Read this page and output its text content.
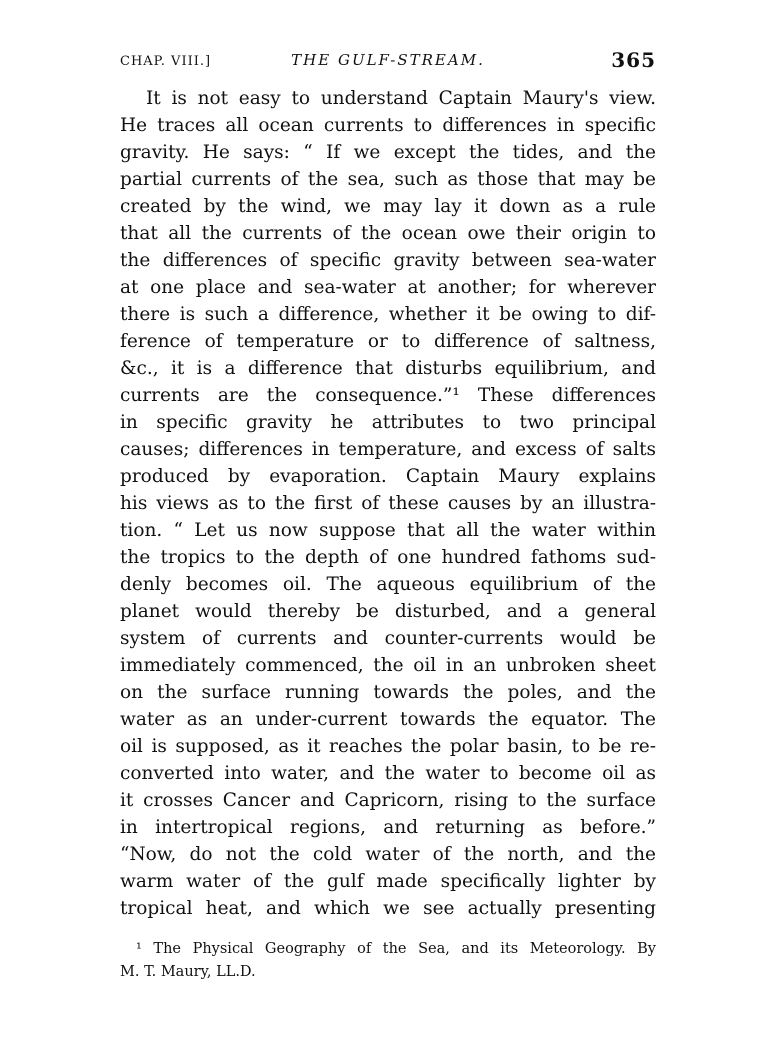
CHAP. VIII.]	THE GULF-STREAM.	365
It is not easy to understand Captain Maury's view.
He traces all ocean currents to differences in specific
gravity. He says: “ If we except the tides, and the
partial currents of the sea, such as those that may be
created by the wind, we may lay it down as a rule
that all the currents of the ocean owe their origin to
the differences of specific gravity between sea-water
at one place and sea-water at another; for wherever
there is such a difference, whether it be owing to dif-
ference of temperature or to difference of saltness,
&c., it is a difference that disturbs equilibrium, and
currents are the consequence.”¹ These differences
in specific gravity he attributes to two principal
causes; differences in temperature, and excess of salts
produced by evaporation. Captain Maury explains
his views as to the first of these causes by an illustra-
tion. “ Let us now suppose that all the water within
the tropics to the depth of one hundred fathoms sud-
denly becomes oil. The aqueous equilibrium of the
planet would thereby be disturbed, and a general
system of currents and counter-currents would be
immediately commenced, the oil in an unbroken sheet
on the surface running towards the poles, and the
water as an under-current towards the equator. The
oil is supposed, as it reaches the polar basin, to be re-
converted into water, and the water to become oil as
it crosses Cancer and Capricorn, rising to the surface
in intertropical regions, and returning as before.”
“Now, do not the cold water of the north, and the
warm water of the gulf made specifically lighter by
tropical heat, and which we see actually presenting
¹ The Physical Geography of the Sea, and its Meteorology. By
M. T. Maury, LL.D.
